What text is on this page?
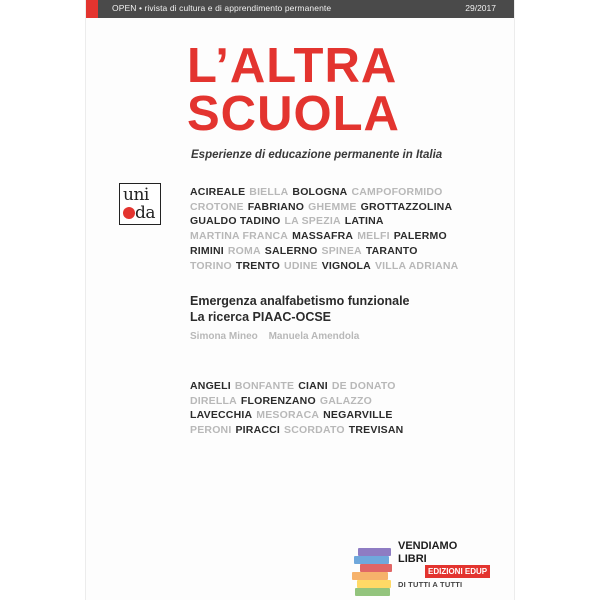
OPEN • rivista di cultura e di apprendimento permanente	29/2017
L’ALTRA
SCUOLA
Esperienze di educazione permanente in Italia
uni
da
ACIREALE BIELLA BOLOGNA CAMPOFORMIDO
CROTONE FABRIANO GHEMME GROTTAZZOLINA
GUALDO TADINO LA SPEZIA LATINA
MARTINA FRANCA MASSAFRA MELFI PALERMO
RIMINI ROMA SALERNO SPINEA TARANTO
TORINO TRENTO UDINE VIGNOLA VILLA ADRIANA
Emergenza analfabetismo funzionale
La ricerca PIAAC-OCSE
Simona Mineo Manuela Amendola
ANGELI BONFANTE CIANI DE DONATO
DIRELLA FLORENZANO GALAZZO
LAVECCHIA MESORACA NEGARVILLE
PERONI PIRACCI SCORDATO TREVISAN
VENDIAMO
LIBRI
EDIZIONI EDUP
DI TUTTI A TUTTI
